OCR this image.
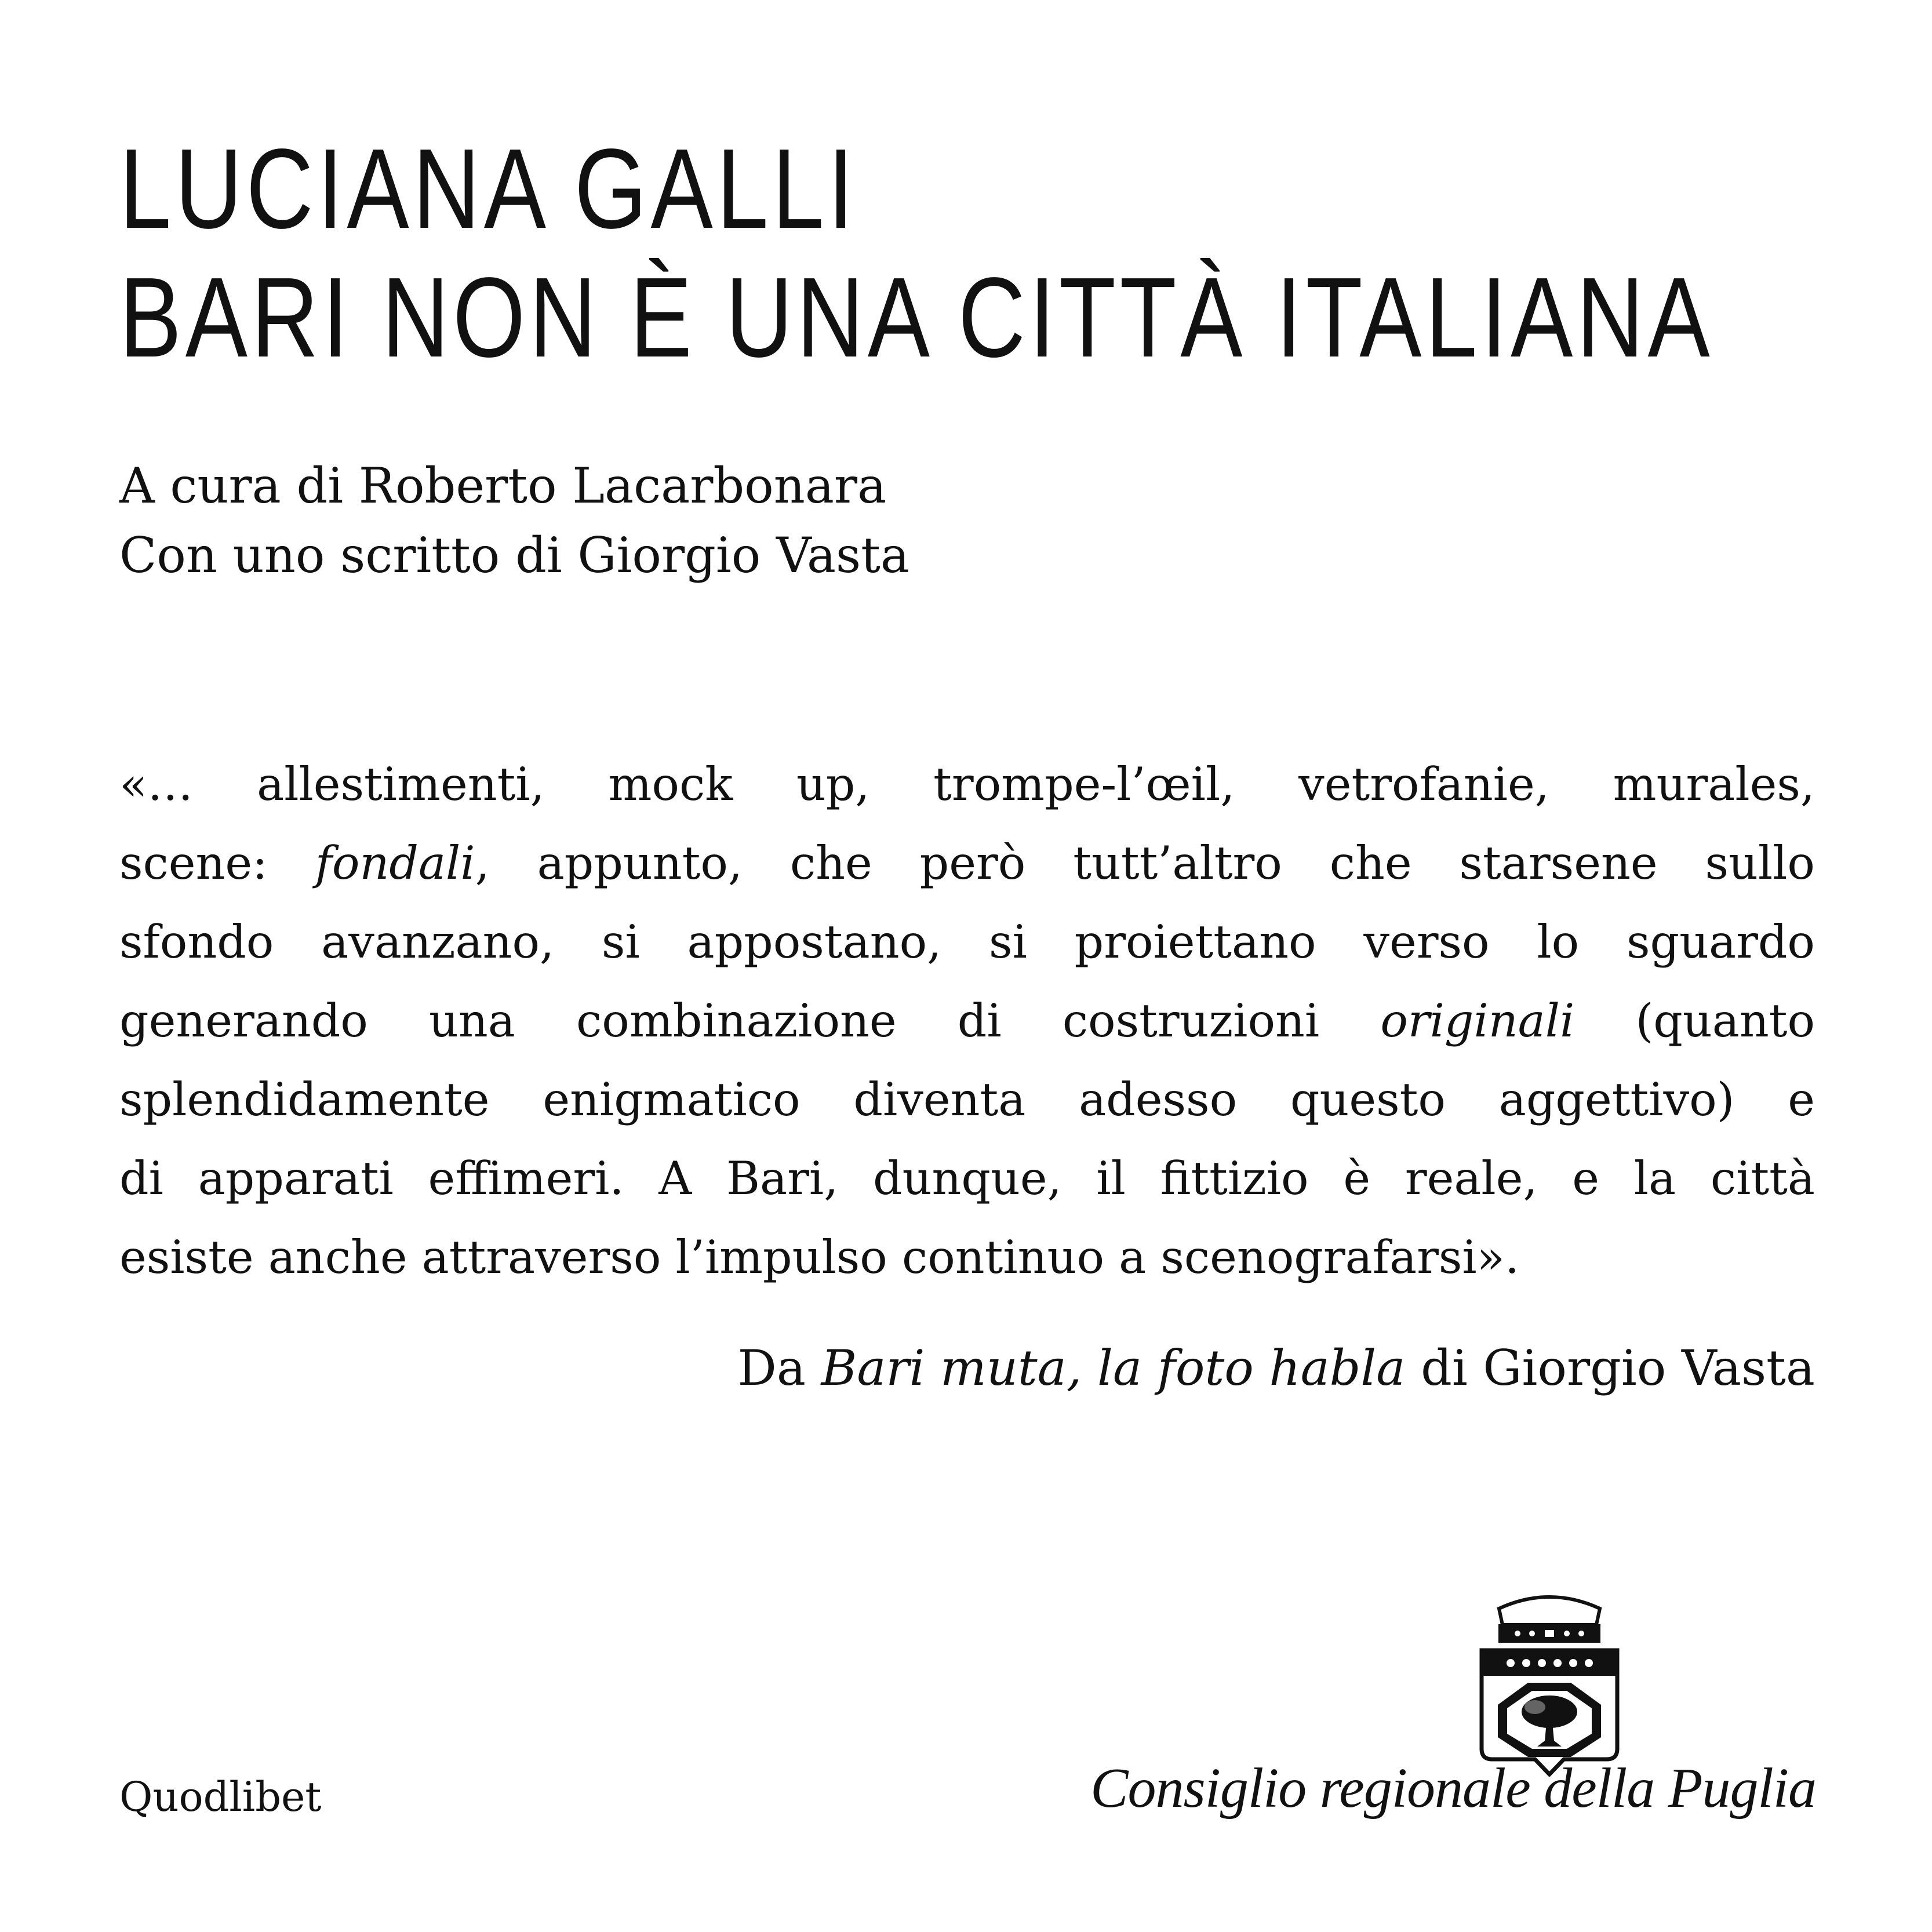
LUCIANA GALLI
BARI NON È UNA CITTÀ ITALIANA
A cura di Roberto Lacarbonara
Con uno scritto di Giorgio Vasta
«… allestimenti, mock up, trompe-l’œil, vetrofanie, murales,
scene: fondali, appunto, che però tutt’altro che starsene sullo
sfondo avanzano, si appostano, si proiettano verso lo sguardo
generando una combinazione di costruzioni originali (quanto
splendidamente enigmatico diventa adesso questo aggettivo) e
di apparati effimeri. A Bari, dunque, il fittizio è reale, e la città
esiste anche attraverso l’impulso continuo a scenografarsi».
Da Bari muta, la foto habla di Giorgio Vasta
Quodlibet	Consiglio regionale della Puglia
